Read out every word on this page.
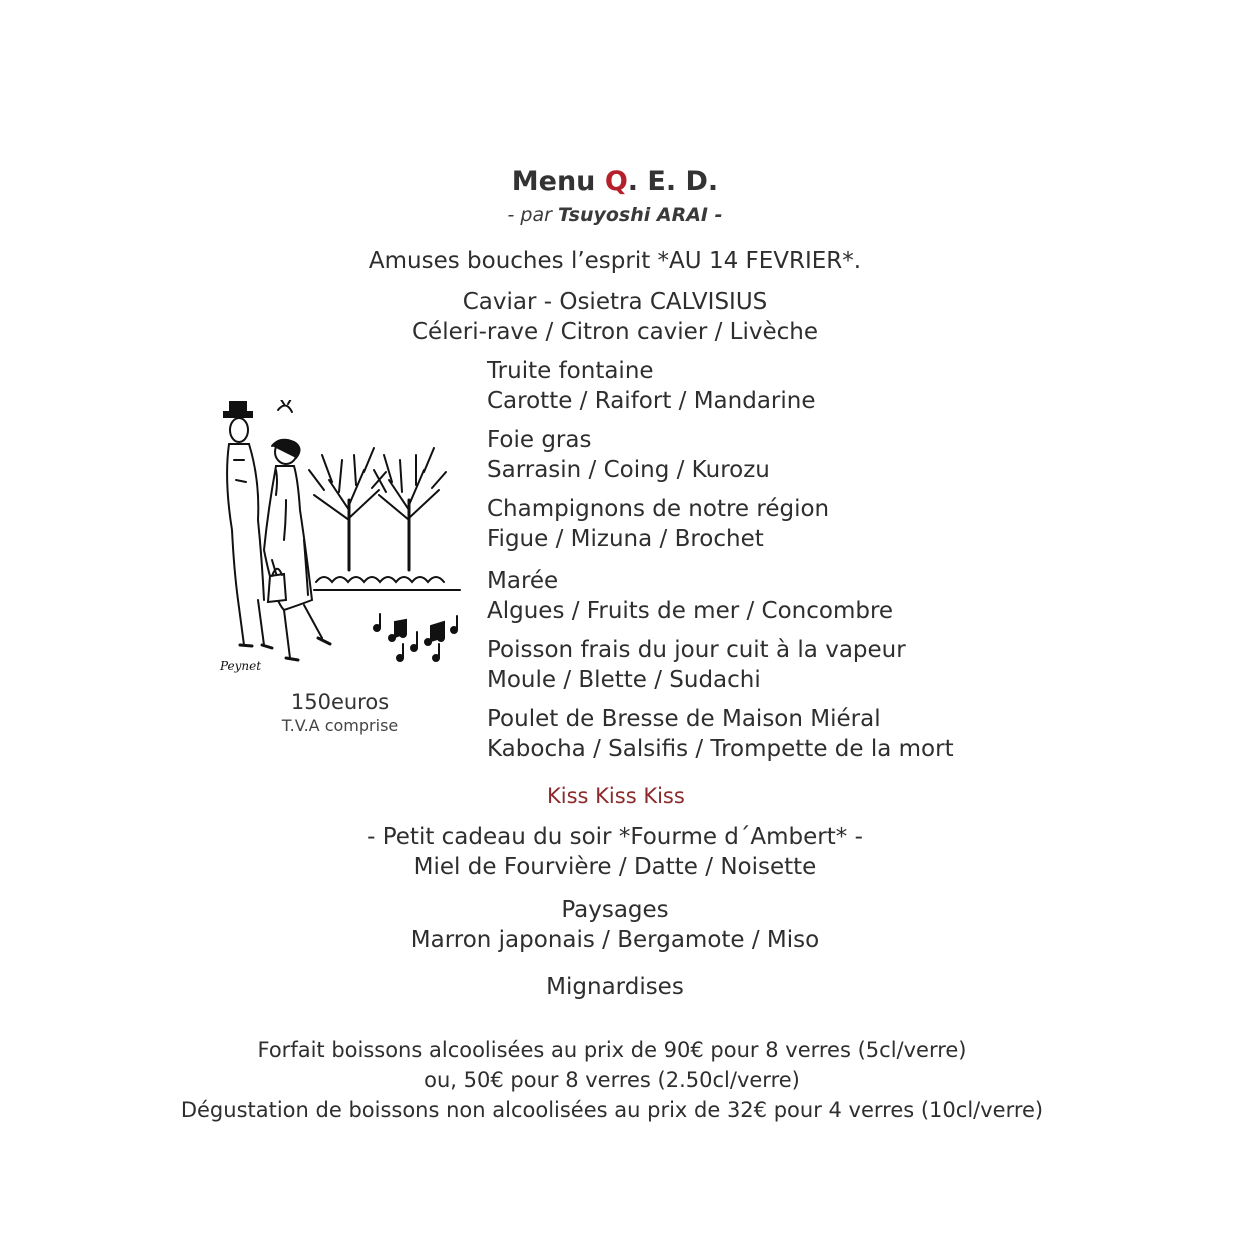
Menu Q. E. D.
- par Tsuyoshi ARAI -
Amuses bouches l’esprit *AU 14 FEVRIER*.
Caviar - Osietra CALVISIUS
Céleri-rave / Citron cavier / Livèche
Truite fontaine
Carotte / Raifort / Mandarine
Foie gras
Sarrasin / Coing / Kurozu
Champignons de notre région
Figue / Mizuna / Brochet
Marée
Algues / Fruits de mer / Concombre
Poisson frais du jour cuit à la vapeur
Moule / Blette / Sudachi
Poulet de Bresse de Maison Miéral
Kabocha / Salsifis / Trompette de la mort
Peynet
150euros
T.V.A comprise
Kiss Kiss Kiss
- Petit cadeau du soir *Fourme d´Ambert* -
Miel de Fourvière / Datte / Noisette
Paysages
Marron japonais / Bergamote / Miso
Mignardises
Forfait boissons alcoolisées au prix de 90€ pour 8 verres (5cl/verre)
ou, 50€ pour 8 verres (2.50cl/verre)
Dégustation de boissons non alcoolisées au prix de 32€ pour 4 verres (10cl/verre)
